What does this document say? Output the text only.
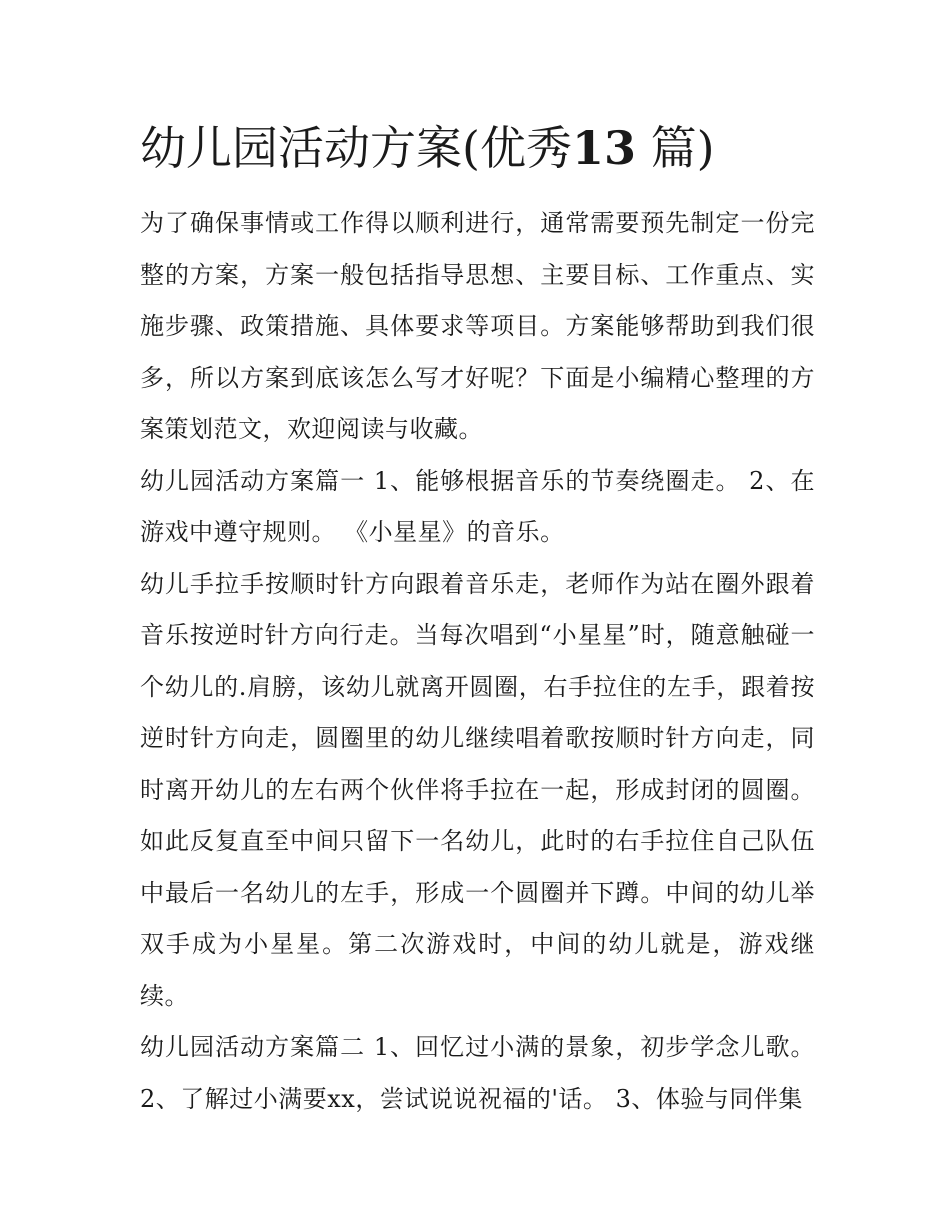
幼儿园活动方案(优秀13 篇)

为了确保事情或工作得以顺利进行，通常需要预先制定一份完整的方案，方案一般包括指导思想、主要目标、工作重点、实施步骤、政策措施、具体要求等项目。方案能够帮助到我们很多，所以方案到底该怎么写才好呢？下面是小编精心整理的方案策划范文，欢迎阅读与收藏。

幼儿园活动方案篇一 1、能够根据音乐的节奏绕圈走。 2、在游戏中遵守规则。 《小星星》的音乐。

幼儿手拉手按顺时针方向跟着音乐走，老师作为站在圈外跟着音乐按逆时针方向行走。当每次唱到“小星星”时，随意触碰一个幼儿的.肩膀，该幼儿就离开圆圈，右手拉住的左手，跟着按逆时针方向走，圆圈里的幼儿继续唱着歌按顺时针方向走，同时离开幼儿的左右两个伙伴将手拉在一起，形成封闭的圆圈。如此反复直至中间只留下一名幼儿，此时的右手拉住自己队伍中最后一名幼儿的左手，形成一个圆圈并下蹲。中间的幼儿举双手成为小星星。第二次游戏时，中间的幼儿就是，游戏继续。

幼儿园活动方案篇二 1、回忆过小满的景象，初步学念儿歌。 2、了解过小满要xx，尝试说说祝福的'话。 3、体验与同伴集
